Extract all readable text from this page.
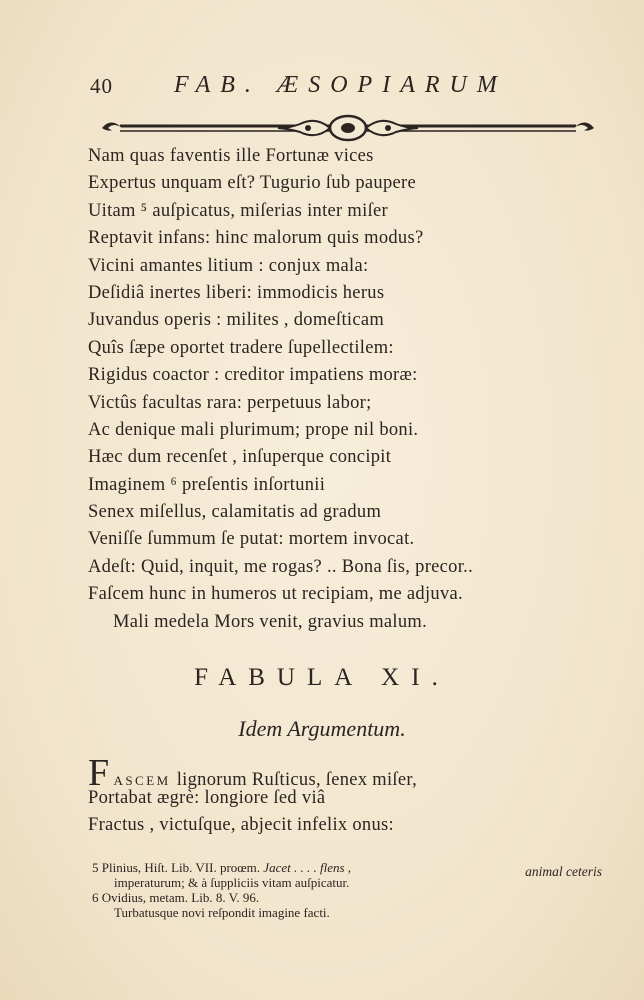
40	FAB. ÆSOPIARUM
Nam quas faventis ille Fortunæ vices
Expertus unquam eſt? Tugurio ſub paupere
Uitam ⁵ auſpicatus, miſerias inter miſer
Reptavit infans: hinc malorum quis modus?
Vicini amantes litium : conjux mala:
Deſidiâ inertes liberi: immodicis herus
Juvandus operis : milites , domeſticam
Quîs ſæpe oportet tradere ſupellectilem:
Rigidus coactor : creditor impatiens moræ:
Victûs facultas rara: perpetuus labor;
Ac denique mali plurimum; prope nil boni.
Hæc dum recenſet , inſuperque concipit
Imaginem ⁶ preſentis inſortunii
Senex miſellus, calamitatis ad gradum
Veniſſe ſummum ſe putat: mortem invocat.
Adeſt: Quid, inquit, me rogas? .. Bona ſis, precor..
Faſcem hunc in humeros ut recipiam, me adjuva.
Mali medela Mors venit, gravius malum.
FABULA XI.
Idem Argumentum.
FASCEM lignorum Ruſticus, ſenex miſer,
Portabat ægrè: longiore ſed viâ
Fractus , victuſque, abjecit infelix onus:
5 Plinius, Hiſt. Lib. VII. proœm. Jacet . . . . flens ,	animal ceteris
imperaturum; & à ſuppliciis vitam auſpicatur.
6 Ovidius, metam. Lib. 8. V. 96.
Turbatusque novi reſpondit imagine facti.
